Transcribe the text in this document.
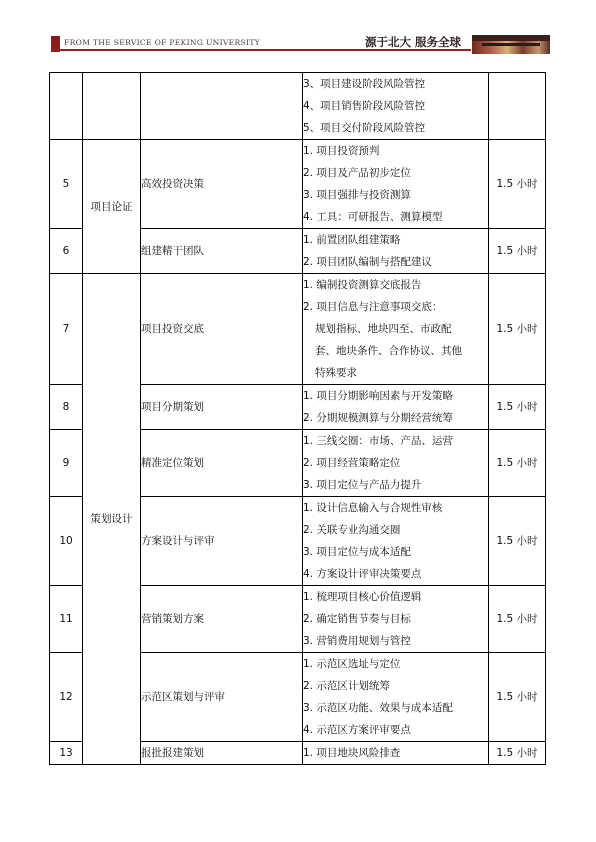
FROM THE SERVICE OF PEKING UNIVERSITY	源于北大 服务全球

			3、项目建设阶段风险管控
4、项目销售阶段风险管控
5、项目交付阶段风险管控	

5	项目论证	高效投资决策	1. 项目投资预判
2. 项目及产品初步定位
3. 项目强排与投资测算
4. 工具：可研报告、测算模型	1.5 小时
6		组建精干团队	1. 前置团队组建策略
2. 项目团队编制与搭配建议	1.5 小时
7	策划设计	项目投资交底	1. 编制投资测算交底报告
2. 项目信息与注意事项交底：
规划指标、地块四至、市政配
套、地块条件、合作协议、其他
特殊要求	1.5 小时
8		项目分期策划	1. 项目分期影响因素与开发策略
2. 分期规模测算与分期经营统筹	1.5 小时
9		精准定位策划	1. 三线交圈：市场、产品、运营
2. 项目经营策略定位
3. 项目定位与产品力提升	1.5 小时
10		方案设计与评审	1. 设计信息输入与合规性审核
2. 关联专业沟通交圈
3. 项目定位与成本适配
4. 方案设计评审决策要点	1.5 小时
11		营销策划方案	1. 梳理项目核心价值逻辑
2. 确定销售节奏与目标
3. 营销费用规划与管控	1.5 小时
12		示范区策划与评审	1. 示范区选址与定位
2. 示范区计划统筹
3. 示范区功能、效果与成本适配
4. 示范区方案评审要点	1.5 小时
13		报批报建策划	1. 项目地块风险排查	1.5 小时
